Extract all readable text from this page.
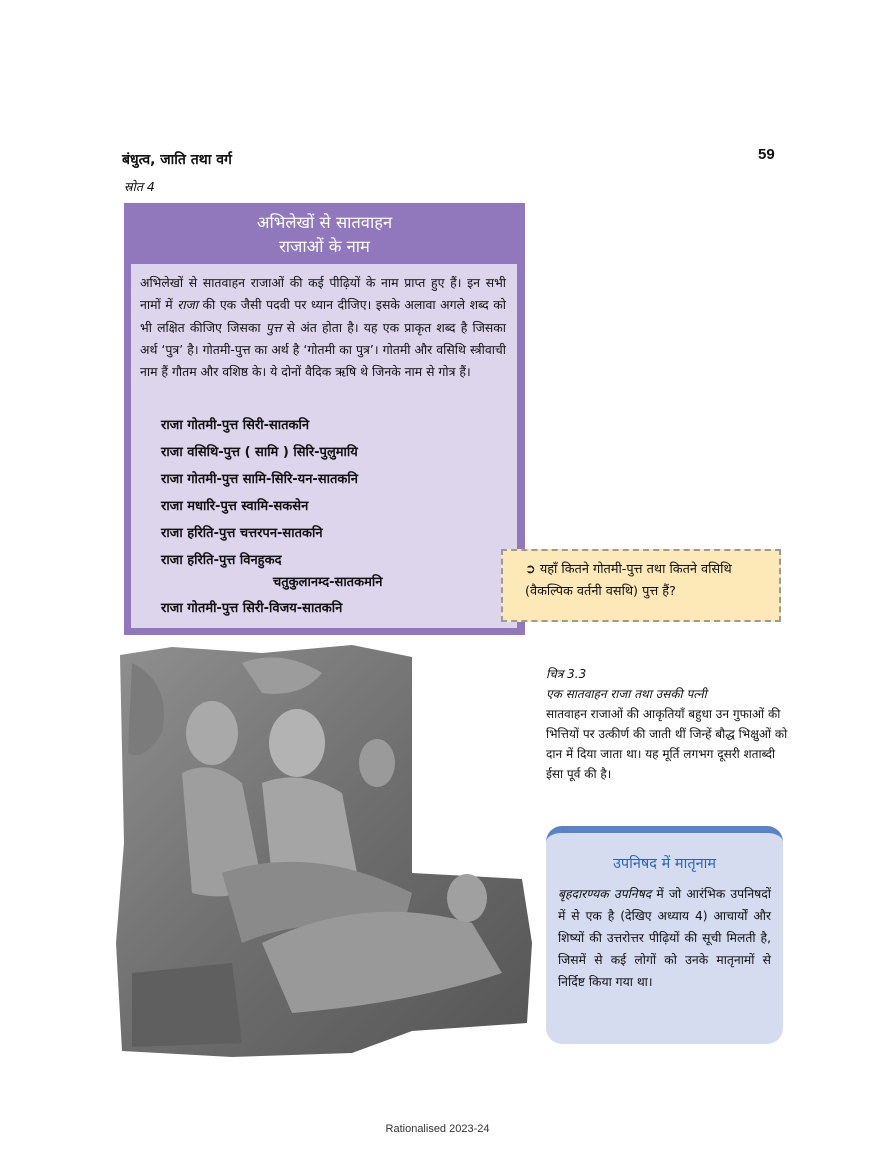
बंधुत्व, जाति तथा वर्ग	59
स्रोत 4
अभिलेखों से सातवाहन
राजाओं के नाम

अभिलेखों से सातवाहन राजाओं की कई पीढ़ियों के नाम प्राप्त हुए हैं। इन सभी नामों में राजा की एक जैसी पदवी पर ध्यान दीजिए। इसके अलावा अगले शब्द को भी लक्षित कीजिए जिसका पुत्त से अंत होता है। यह एक प्राकृत शब्द है जिसका अर्थ ‘पुत्र’ है। गोतमी-पुत्त का अर्थ है ‘गोतमी का पुत्र’। गोतमी और वसिथि स्त्रीवाची नाम हैं गौतम और वशिष्ठ के। ये दोनों वैदिक ऋषि थे जिनके नाम से गोत्र हैं।

राजा गोतमी-पुत्त सिरी-सातकनि
राजा वसिथि-पुत्त ( सामि ) सिरि-पुलुमायि
राजा गोतमी-पुत्त सामि-सिरि-यन-सातकनि
राजा मधारि-पुत्त स्वामि-सकसेन
राजा हरिति-पुत्त चत्तरपन-सातकनि
राजा हरिति-पुत्त विनहुकद
चतुकुलानम्द-सातकमनि
राजा गोतमी-पुत्त सिरी-विजय-सातकनि

➲ यहाँ कितने गोतमी-पुत्त तथा कितने वसिथि (वैकल्पिक वर्तनी वसथि) पुत्त हैं?

चित्र 3.3
एक सातवाहन राजा तथा उसकी पत्नी
सातवाहन राजाओं की आकृतियाँ बहुधा उन गुफाओं की भित्तियों पर उत्कीर्ण की जाती थीं जिन्हें बौद्ध भिक्षुओं को दान में दिया जाता था। यह मूर्ति लगभग दूसरी शताब्दी ईसा पूर्व की है।
उपनिषद में मातृनाम

बृहदारण्यक उपनिषद में जो आरंभिक उपनिषदों में से एक है (देखिए अध्याय 4) आचार्यों और शिष्यों की उत्तरोत्तर पीढ़ियों की सूची मिलती है, जिसमें से कई लोगों को उनके मातृनामों से निर्दिष्ट किया गया था।

Rationalised 2023-24
